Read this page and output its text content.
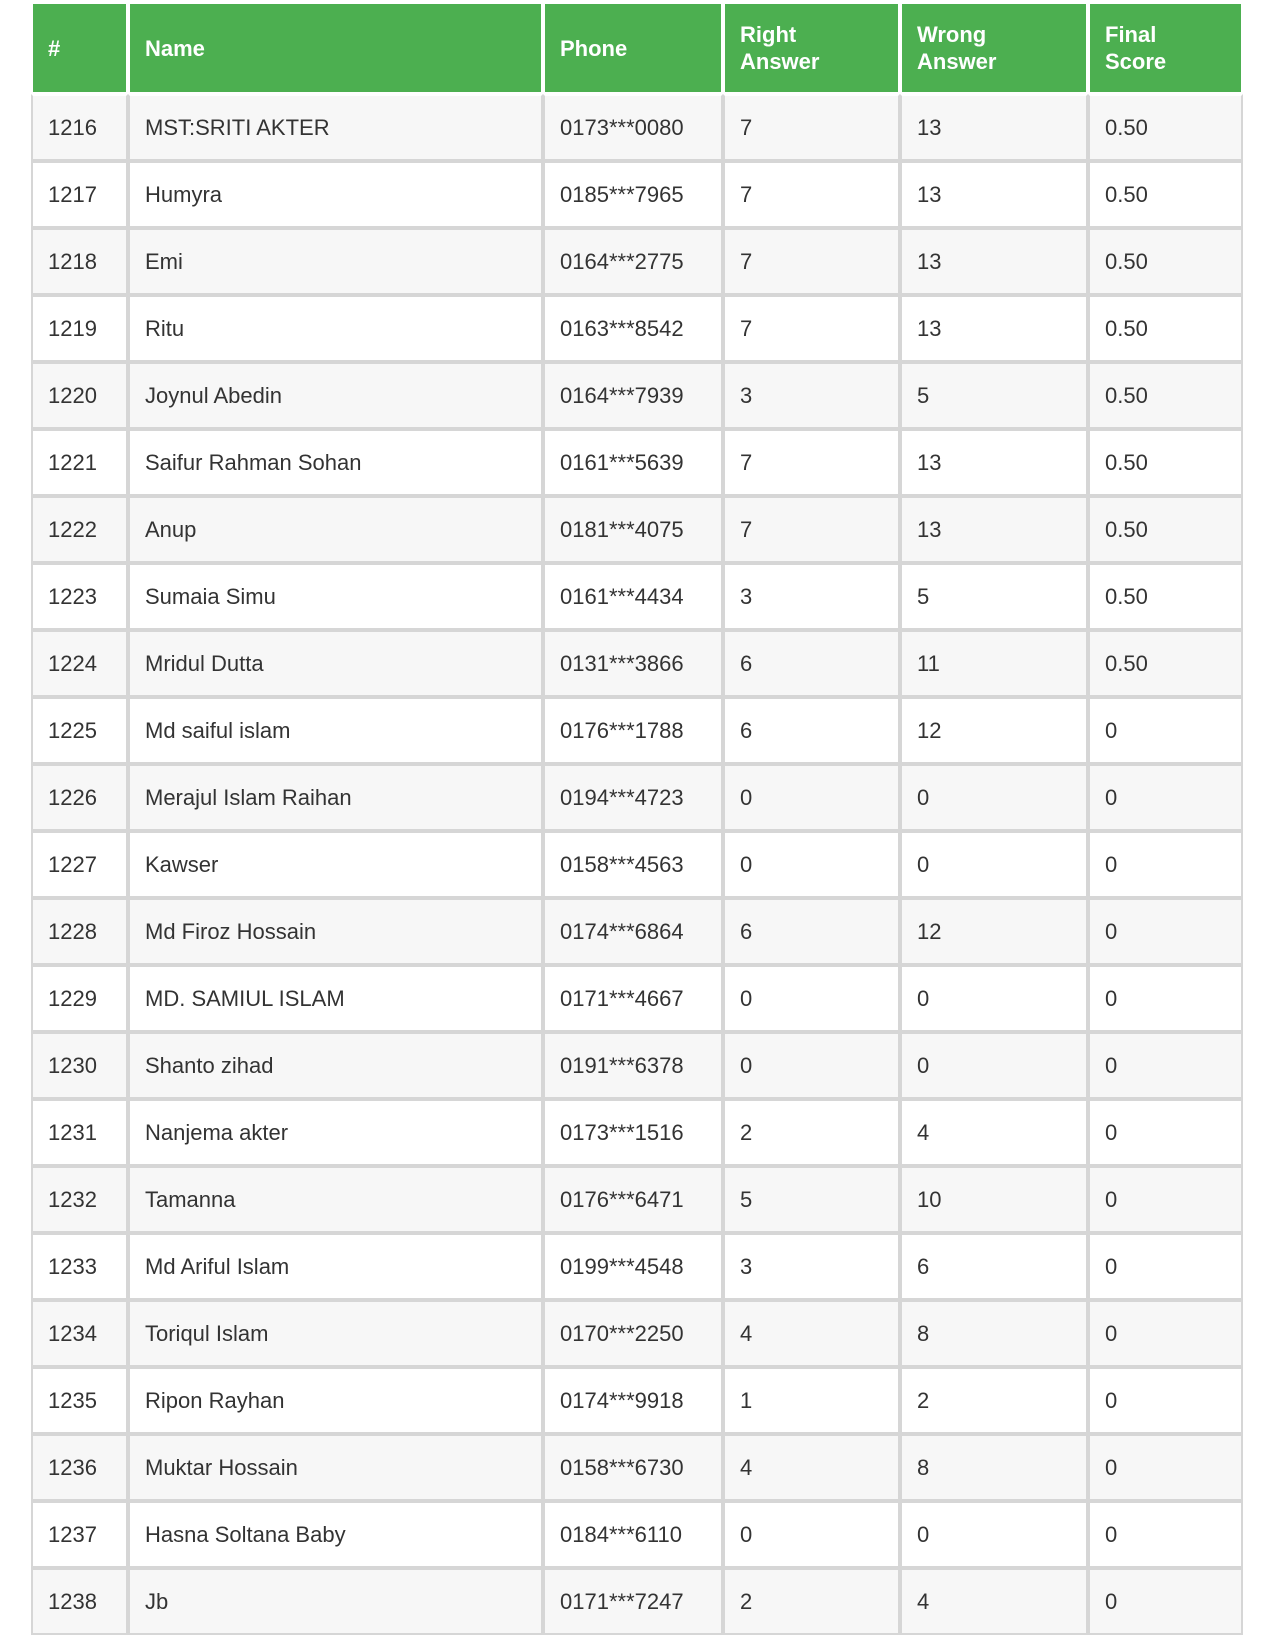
#	Name	Phone	Right Answer	Wrong Answer	Final Score
1216	MST:SRITI AKTER	0173***0080	7	13	0.50
1217	Humyra	0185***7965	7	13	0.50
1218	Emi	0164***2775	7	13	0.50
1219	Ritu	0163***8542	7	13	0.50
1220	Joynul Abedin	0164***7939	3	5	0.50
1221	Saifur Rahman Sohan	0161***5639	7	13	0.50
1222	Anup	0181***4075	7	13	0.50
1223	Sumaia Simu	0161***4434	3	5	0.50
1224	Mridul Dutta	0131***3866	6	11	0.50
1225	Md saiful islam	0176***1788	6	12	0
1226	Merajul Islam Raihan	0194***4723	0	0	0
1227	Kawser	0158***4563	0	0	0
1228	Md Firoz Hossain	0174***6864	6	12	0
1229	MD. SAMIUL ISLAM	0171***4667	0	0	0
1230	Shanto zihad	0191***6378	0	0	0
1231	Nanjema akter	0173***1516	2	4	0
1232	Tamanna	0176***6471	5	10	0
1233	Md Ariful Islam	0199***4548	3	6	0
1234	Toriqul Islam	0170***2250	4	8	0
1235	Ripon Rayhan	0174***9918	1	2	0
1236	Muktar Hossain	0158***6730	4	8	0
1237	Hasna Soltana Baby	0184***6110	0	0	0
1238	Jb	0171***7247	2	4	0
